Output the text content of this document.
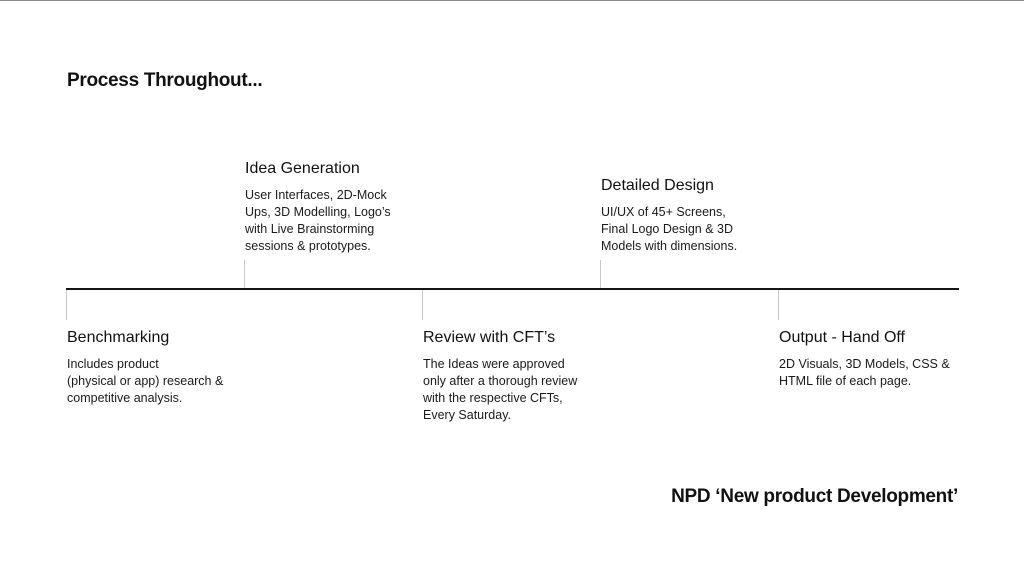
Process Throughout...
Benchmarking
Includes product
(physical or app) research &
competitive analysis.
Idea Generation
User Interfaces, 2D-Mock
Ups, 3D Modelling, Logo’s
with Live Brainstorming
sessions & prototypes.
Review with CFT’s
The Ideas were approved
only after a thorough review
with the respective CFTs,
Every Saturday.
Detailed Design
UI/UX of 45+ Screens,
Final Logo Design & 3D
Models with dimensions.
Output - Hand Off
2D Visuals, 3D Models, CSS &
HTML file of each page.
NPD ‘New product Development’
